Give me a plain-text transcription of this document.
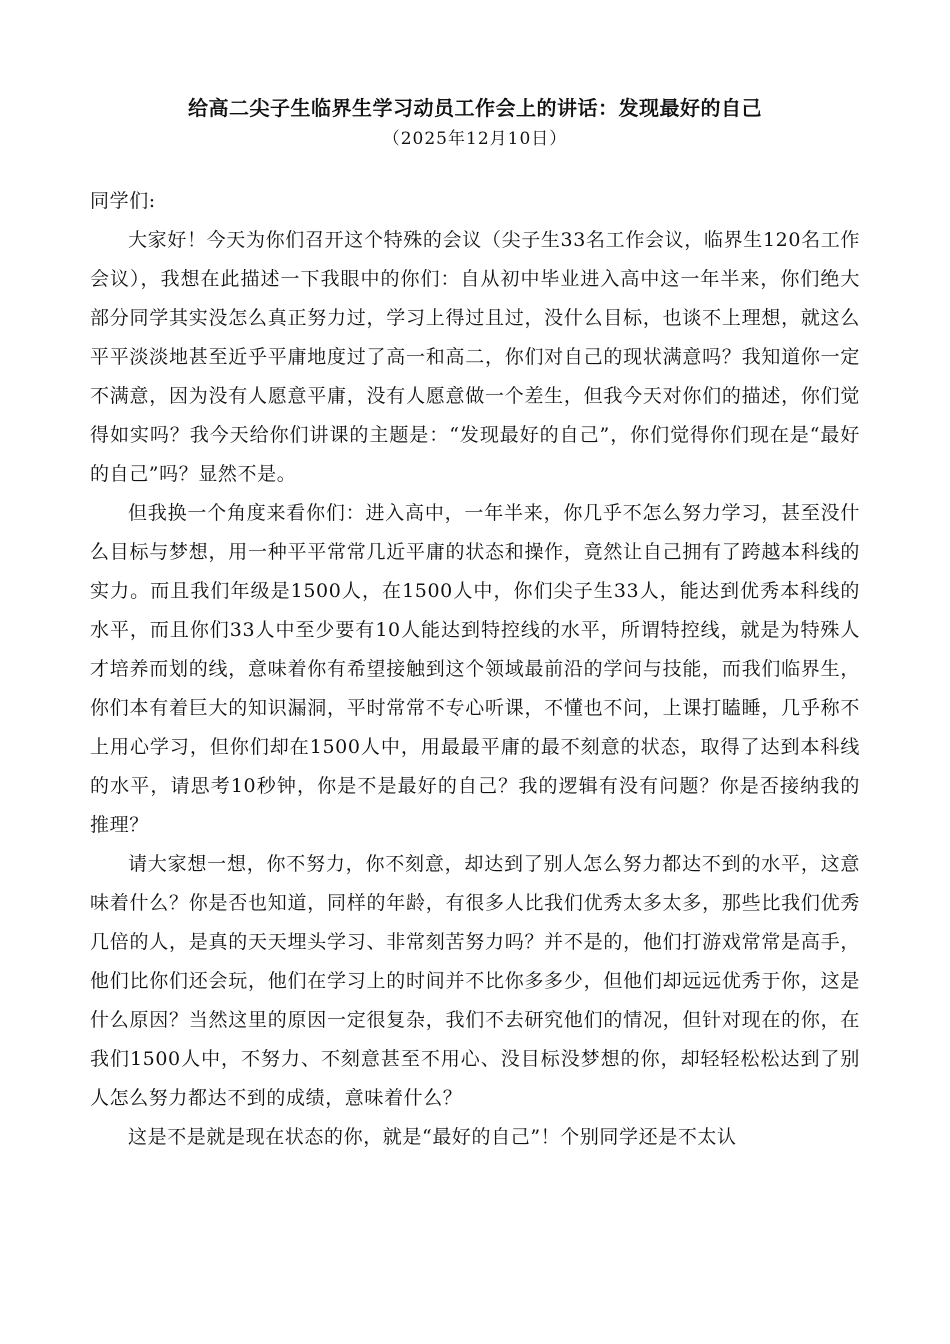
给高二尖子生临界生学习动员工作会上的讲话：发现最好的自己

（2025年12月10日）

同学们:

大家好！今天为你们召开这个特殊的会议（尖子生33名工作会议，临界生120名工作会议），我想在此描述一下我眼中的你们：自从初中毕业进入高中这一年半来，你们绝大部分同学其实没怎么真正努力过，学习上得过且过，没什么目标，也谈不上理想，就这么平平淡淡地甚至近乎平庸地度过了高一和高二，你们对自己的现状满意吗？我知道你一定不满意，因为没有人愿意平庸，没有人愿意做一个差生，但我今天对你们的描述，你们觉得如实吗？我今天给你们讲课的主题是：“发现最好的自己”，你们觉得你们现在是“最好的自己”吗？显然不是。

但我换一个角度来看你们：进入高中，一年半来，你几乎不怎么努力学习，甚至没什么目标与梦想，用一种平平常常几近平庸的状态和操作，竟然让自己拥有了跨越本科线的实力。而且我们年级是1500人，在1500人中，你们尖子生33人，能达到优秀本科线的水平，而且你们33人中至少要有10人能达到特控线的水平，所谓特控线，就是为特殊人才培养而划的线，意味着你有希望接触到这个领域最前沿的学问与技能，而我们临界生，你们本有着巨大的知识漏洞，平时常常不专心听课，不懂也不问，上课打瞌睡，几乎称不上用心学习，但你们却在1500人中，用最最平庸的最不刻意的状态，取得了达到本科线的水平，请思考10秒钟，你是不是最好的自己？我的逻辑有没有问题？你是否接纳我的推理？

请大家想一想，你不努力，你不刻意，却达到了别人怎么努力都达不到的水平，这意味着什么？你是否也知道，同样的年龄，有很多人比我们优秀太多太多，那些比我们优秀几倍的人，是真的天天埋头学习、非常刻苦努力吗？并不是的，他们打游戏常常是高手，他们比你们还会玩，他们在学习上的时间并不比你多多少，但他们却远远优秀于你，这是什么原因？当然这里的原因一定很复杂，我们不去研究他们的情况，但针对现在的你，在我们1500人中，不努力、不刻意甚至不用心、没目标没梦想的你，却轻轻松松达到了别人怎么努力都达不到的成绩，意味着什么？

这是不是就是现在状态的你，就是“最好的自己”！个别同学还是不太认
